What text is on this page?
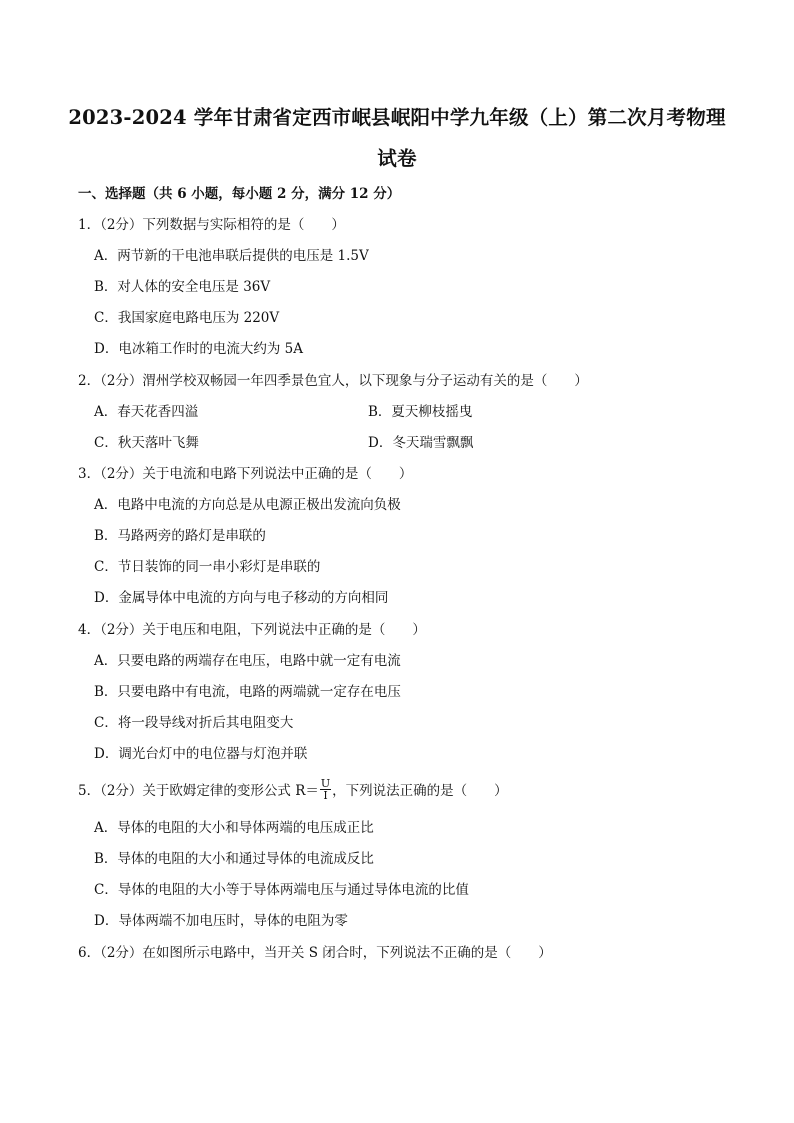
2023-2024 学年甘肃省定西市岷县岷阳中学九年级（上）第二次月考物理
试卷
一、选择题（共 6 小题，每小题 2 分，满分 12 分）
1．（2分）下列数据与实际相符的是（　　）
A．两节新的干电池串联后提供的电压是 1.5V
B．对人体的安全电压是 36V
C．我国家庭电路电压为 220V
D．电冰箱工作时的电流大约为 5A
2．（2分）渭州学校双畅园一年四季景色宜人，以下现象与分子运动有关的是（　　）
A．春天花香四溢	B．夏天柳枝摇曳
C．秋天落叶飞舞	D．冬天瑞雪飘飘
3．（2分）关于电流和电路下列说法中正确的是（　　）
A．电路中电流的方向总是从电源正极出发流向负极
B．马路两旁的路灯是串联的
C．节日装饰的同一串小彩灯是串联的
D．金属导体中电流的方向与电子移动的方向相同
4．（2分）关于电压和电阻，下列说法中正确的是（　　）
A．只要电路的两端存在电压，电路中就一定有电流
B．只要电路中有电流，电路的两端就一定存在电压
C．将一段导线对折后其电阻变大
D．调光台灯中的电位器与灯泡并联
5．（2分）关于欧姆定律的变形公式 $R= \frac{U}{I}$ ，下列说法正确的是（　　）
A．导体的电阻的大小和导体两端的电压成正比
B．导体的电阻的大小和通过导体的电流成反比
C．导体的电阻的大小等于导体两端电压与通过导体电流的比值
D．导体两端不加电压时，导体的电阻为零
6．（2分）在如图所示电路中，当开关 S 闭合时，下列说法不正确的是（　　）
